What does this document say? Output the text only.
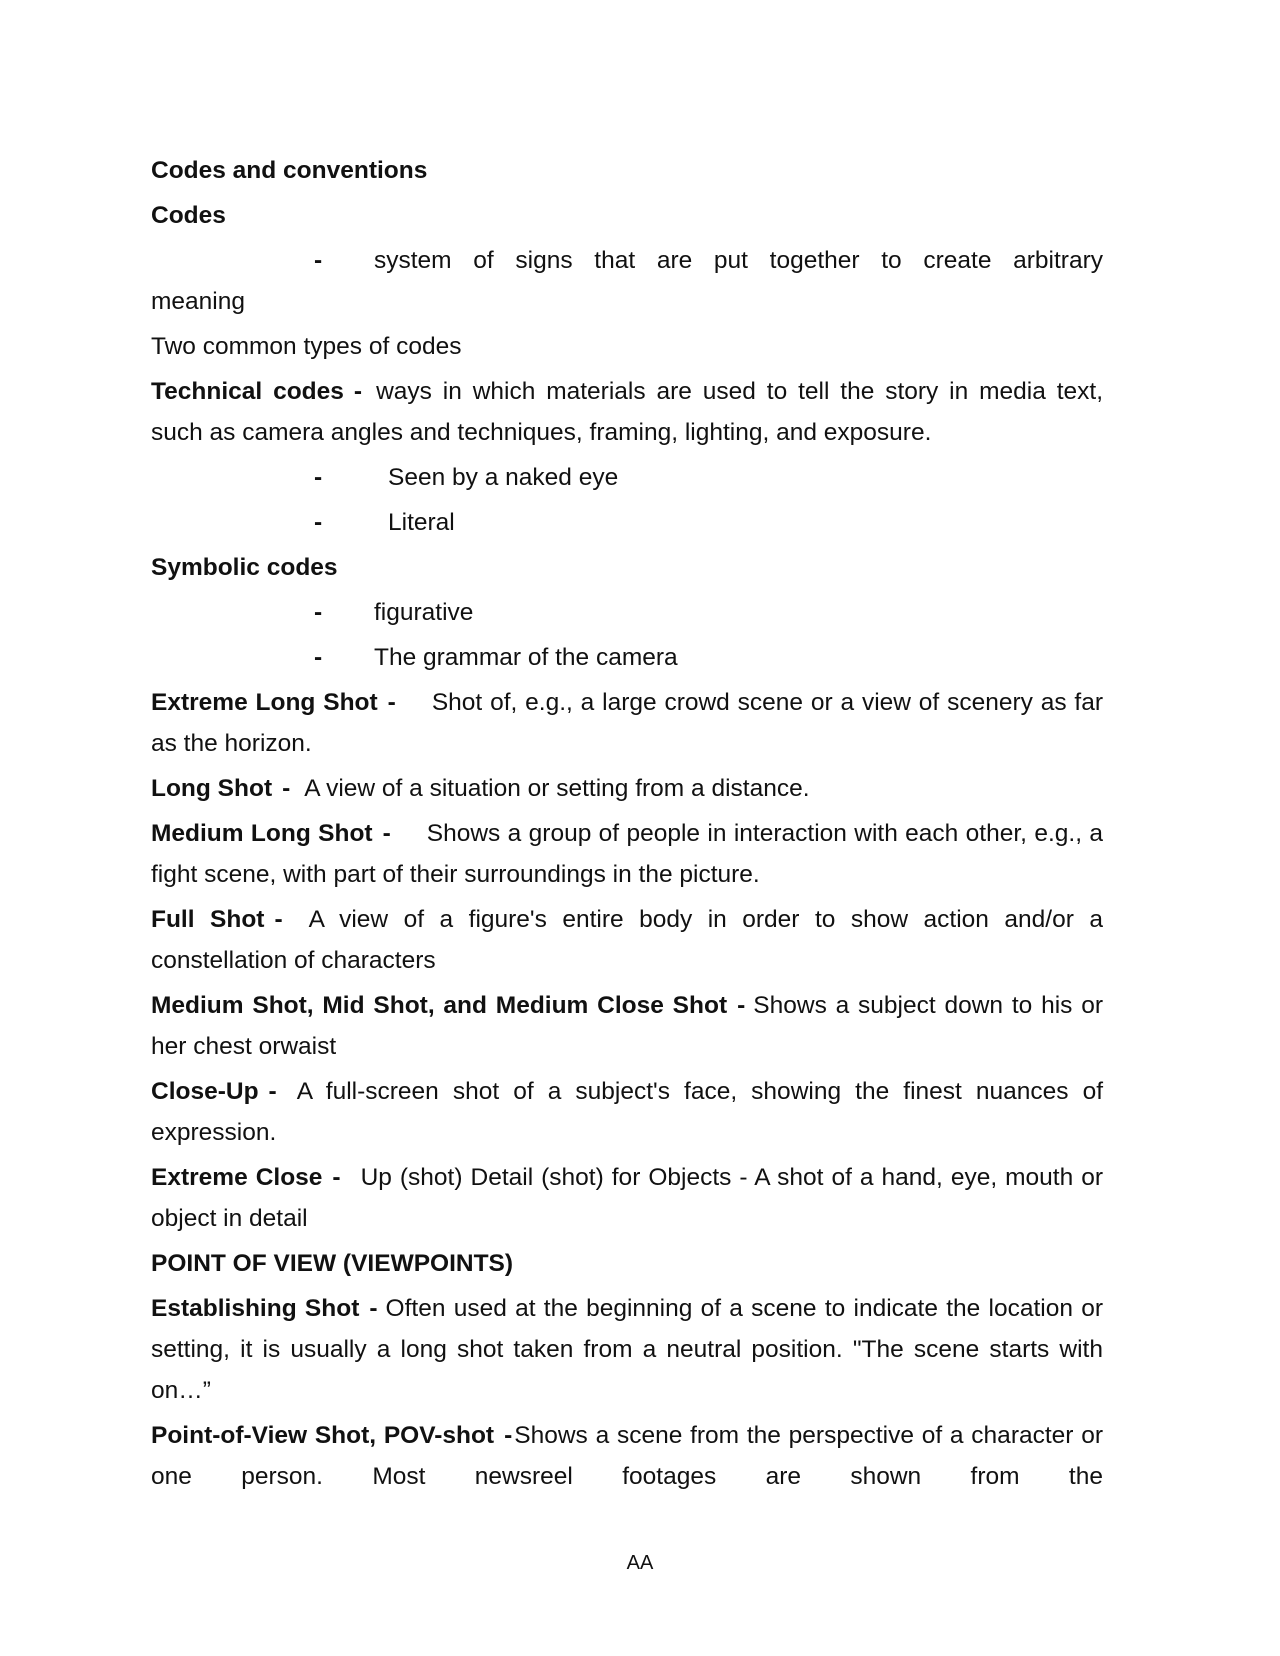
Codes and conventions

Codes

-	system of signs that are put together to create arbitrary

meaning

Two common types of codes

Technical codes - ways in which materials are used to tell the story in media text, such as camera angles and techniques, framing, lighting, and exposure.

-	Seen by a naked eye
-	Literal

Symbolic codes

-	figurative
-	The grammar of the camera

Extreme Long Shot - Shot of, e.g., a large crowd scene or a view of scenery as far as the horizon.

Long Shot - A view of a situation or setting from a distance.

Medium Long Shot - Shows a group of people in interaction with each other, e.g., a fight scene, with part of their surroundings in the picture.

Full Shot - A view of a figure's entire body in order to show action and/or a constellation of characters

Medium Shot, Mid Shot, and Medium Close Shot - Shows a subject down to his or her chest orwaist

Close-Up - A full-screen shot of a subject's face, showing the finest nuances of expression.

Extreme Close - Up (shot) Detail (shot) for Objects - A shot of a hand, eye, mouth or object in detail

POINT OF VIEW (VIEWPOINTS)

Establishing Shot - Often used at the beginning of a scene to indicate the location or setting, it is usually a long shot taken from a neutral position. "The scene starts with on…”

Point-of-View Shot, POV-shot -Shows a scene from the perspective of a character or one person. Most newsreel footages are shown from the

AA
